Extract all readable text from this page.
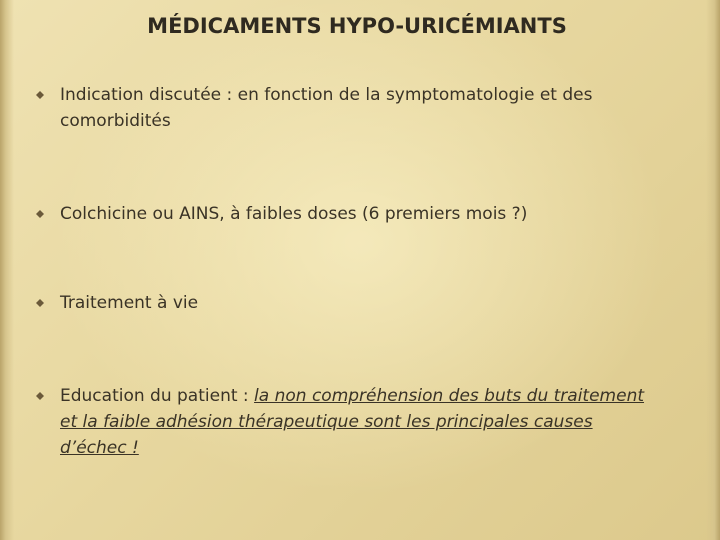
MÉDICAMENTS HYPO-URICÉMIANTS
Indication discutée : en fonction de la symptomatologie et des comorbidités
Colchicine ou AINS, à faibles doses (6 premiers mois ?)
Traitement à vie
Education du patient : la non compréhension des buts du traitement et la faible adhésion thérapeutique sont les principales causes d’échec !
